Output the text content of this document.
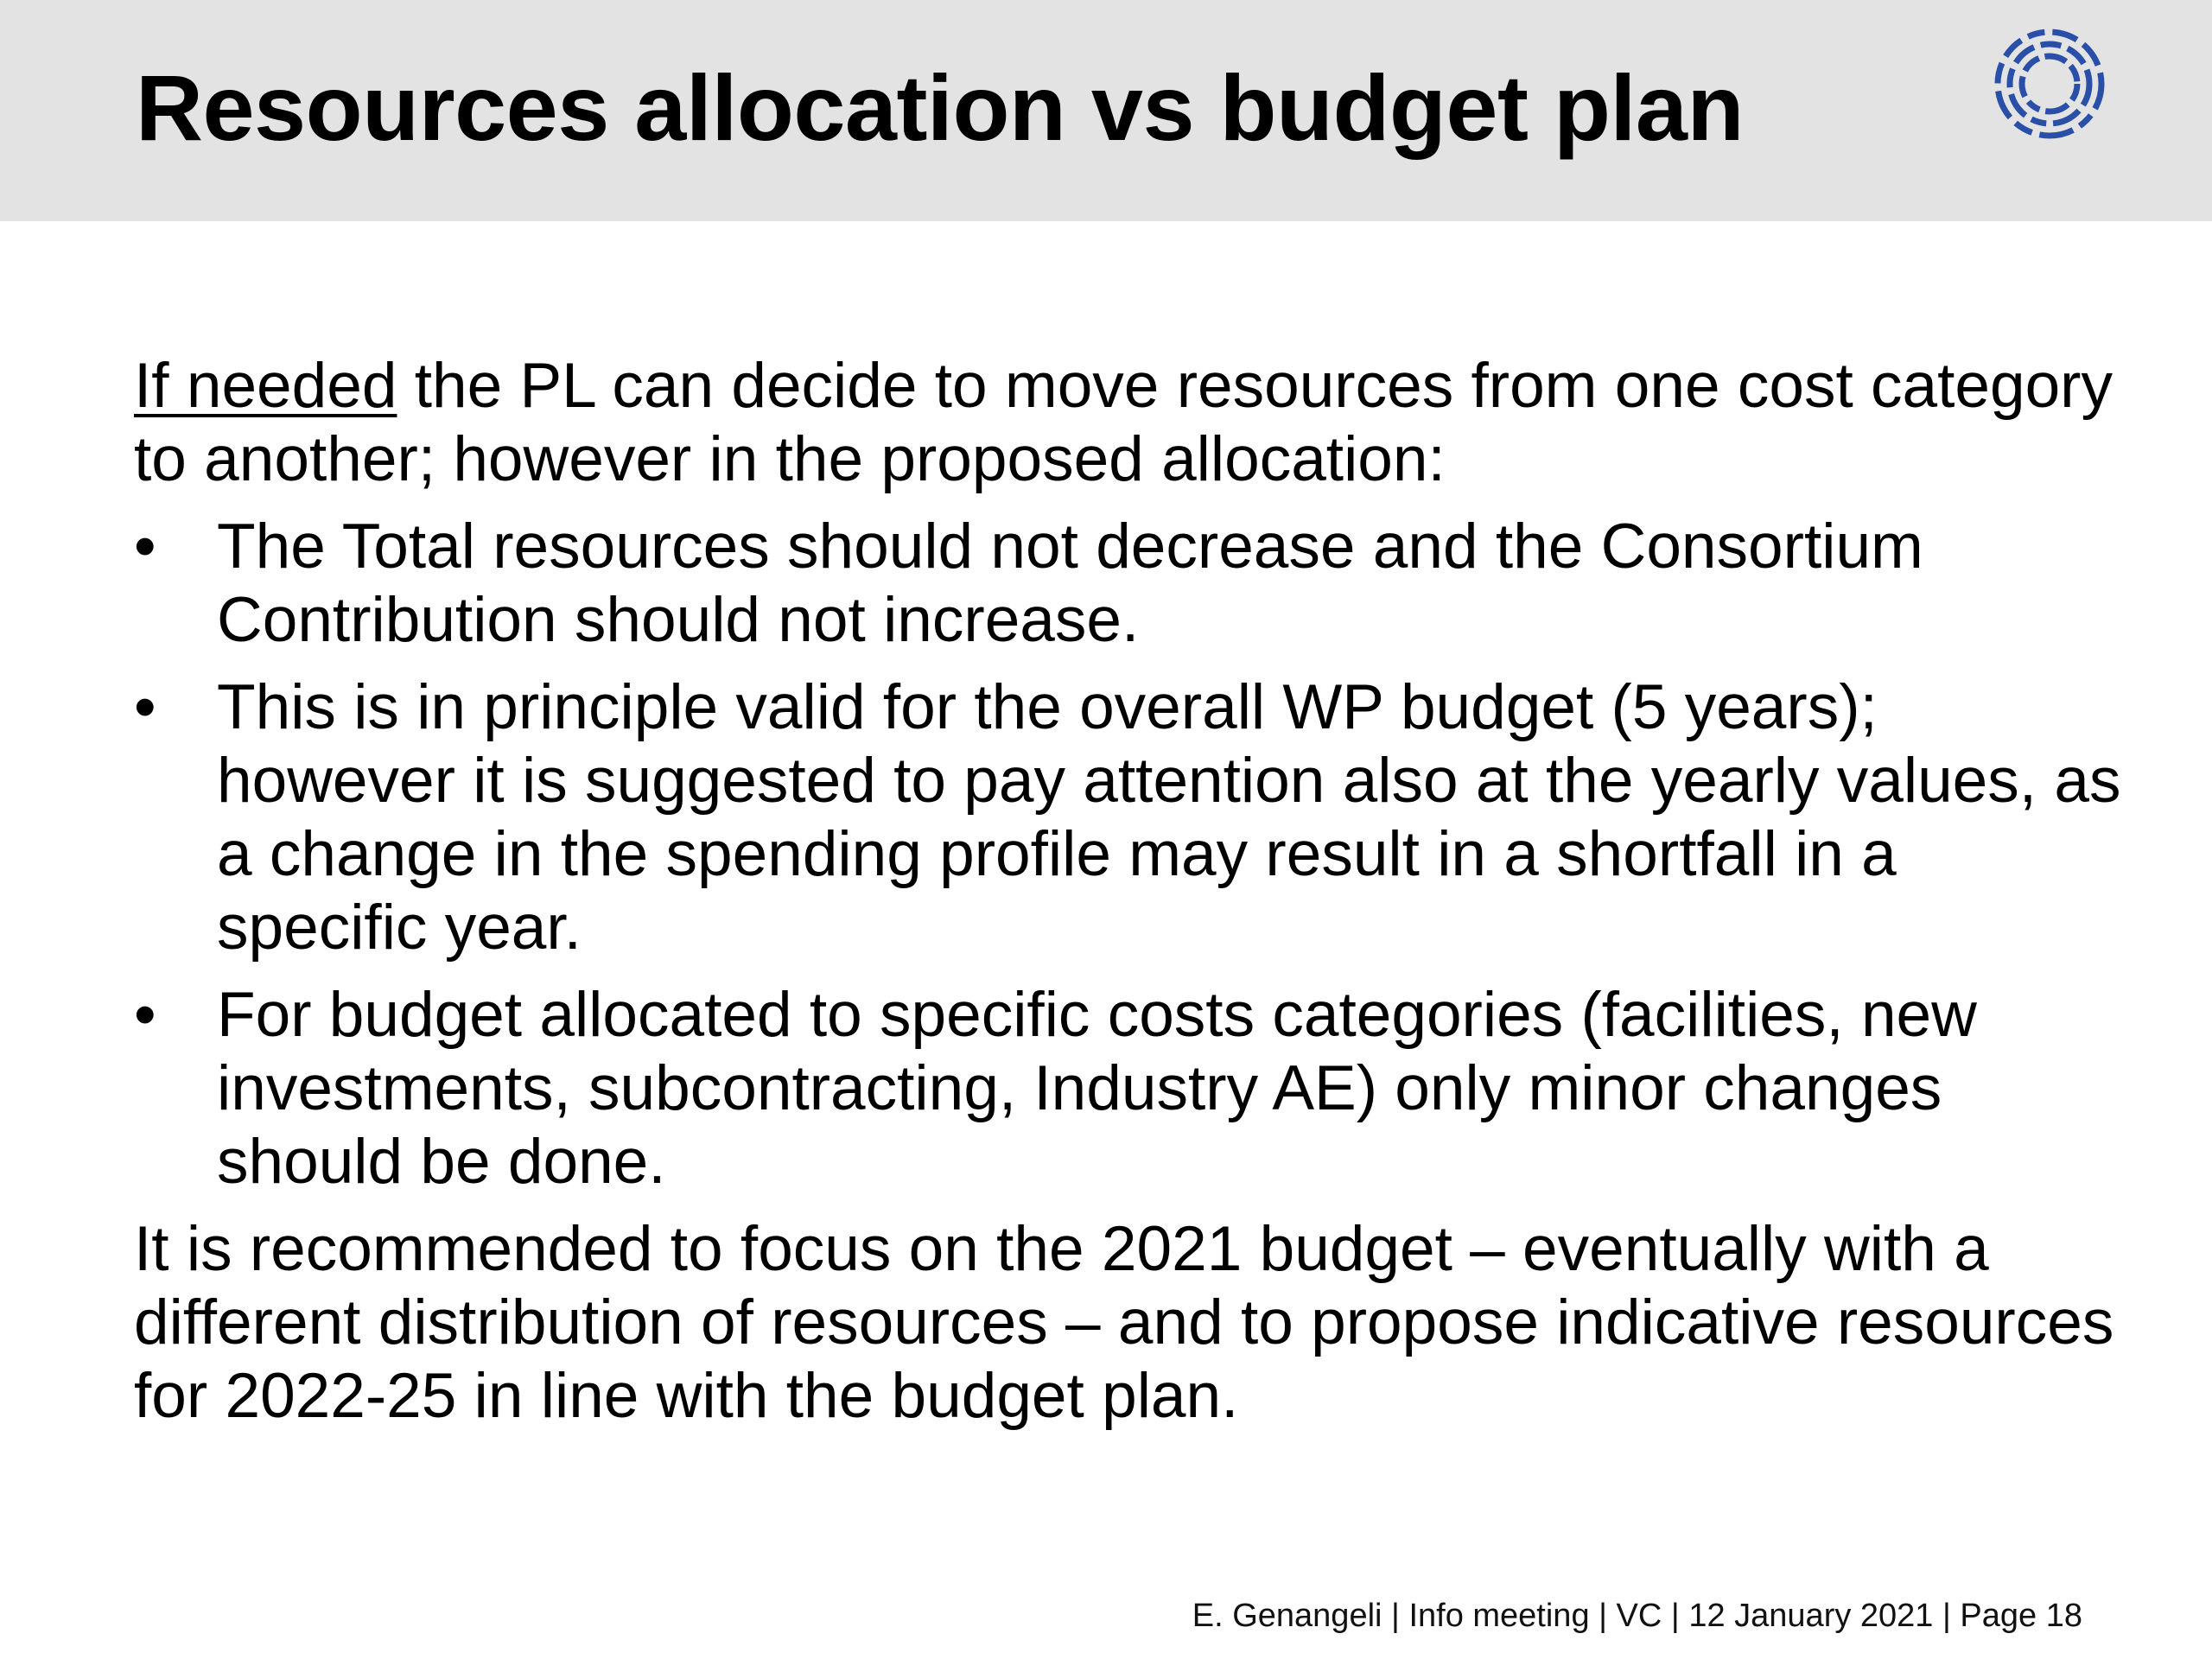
Resources allocation vs budget plan

If needed the PL can decide to move resources from one cost category to another; however in the proposed allocation:

• The Total resources should not decrease and the Consortium Contribution should not increase.
• This is in principle valid for the overall WP budget (5 years); however it is suggested to pay attention also at the yearly values, as a change in the spending profile may result in a shortfall in a specific year.
• For budget allocated to specific costs categories (facilities, new investments, subcontracting, Industry AE) only minor changes should be done.

It is recommended to focus on the 2021 budget – eventually with a different distribution of resources – and to propose indicative resources for 2022-25 in line with the budget plan.

E. Genangeli | Info meeting | VC | 12 January 2021 | Page 18
